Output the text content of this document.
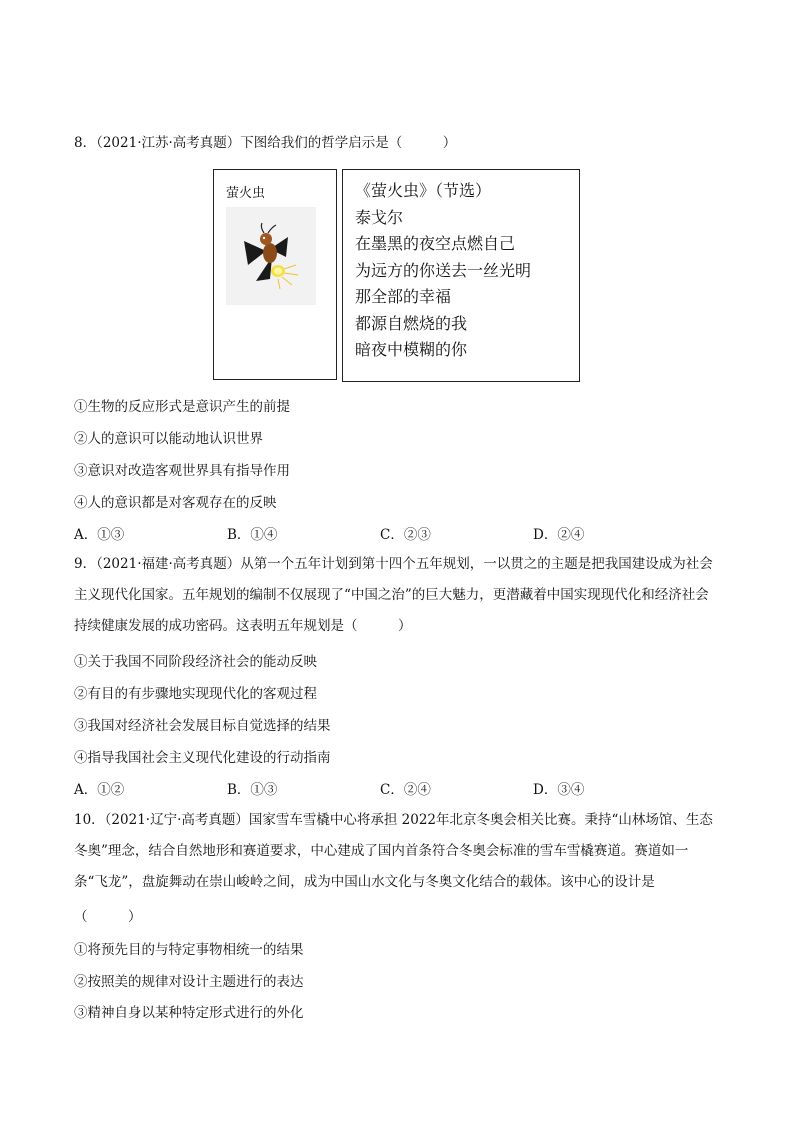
8．（2021·江苏·高考真题）下图给我们的哲学启示是（　　　）
萤火虫	《萤火虫》（节选）
泰戈尔
在墨黑的夜空点燃自己
为远方的你送去一丝光明
那全部的幸福
都源自燃烧的我
暗夜中模糊的你
①生物的反应形式是意识产生的前提
②人的意识可以能动地认识世界
③意识对改造客观世界具有指导作用
④人的意识都是对客观存在的反映
A．①③	B．①④	C．②③	D．②④
9．（2021·福建·高考真题）从第一个五年计划到第十四个五年规划，一以贯之的主题是把我国建设成为社会主义现代化国家。五年规划的编制不仅展现了“中国之治”的巨大魅力，更潜藏着中国实现现代化和经济社会持续健康发展的成功密码。这表明五年规划是（　　　）
①关于我国不同阶段经济社会的能动反映
②有目的有步骤地实现现代化的客观过程
③我国对经济社会发展目标自觉选择的结果
④指导我国社会主义现代化建设的行动指南
A．①②	B．①③	C．②④	D．③④
10．（2021·辽宁·高考真题）国家雪车雪橇中心将承担 2022年北京冬奥会相关比赛。秉持“山林场馆、生态冬奥”理念，结合自然地形和赛道要求，中心建成了国内首条符合冬奥会标准的雪车雪橇赛道。赛道如一条“飞龙”，盘旋舞动在崇山峻岭之间，成为中国山水文化与冬奥文化结合的载体。该中心的设计是
（　　　）
①将预先目的与特定事物相统一的结果
②按照美的规律对设计主题进行的表达
③精神自身以某种特定形式进行的外化
